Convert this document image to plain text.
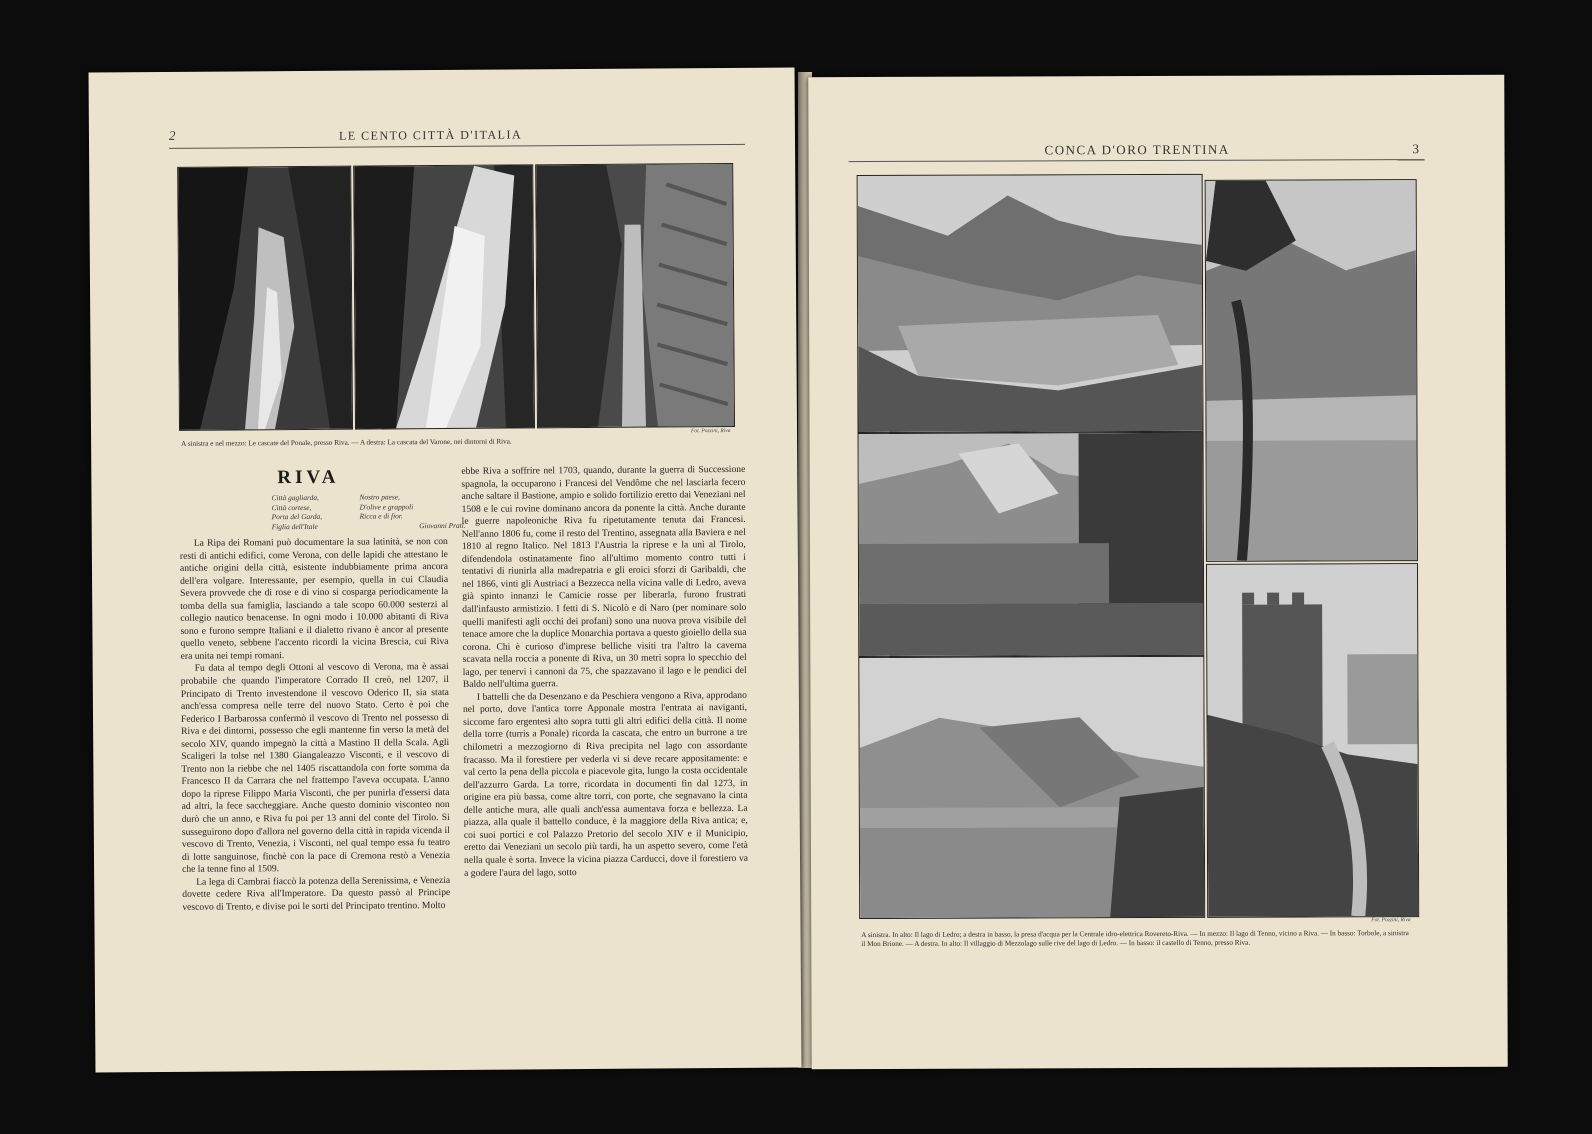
2	LE CENTO CITTÀ D'ITALIA
Fot. Pozzini, Riva
A sinistra e nel mezzo: Le cascate del Ponale, presso Riva. — A destra: La cascata del Varone, nei dintorni di Riva.
RIVA
Città gagliarda,
Città cortese,
Porta del Garda,
Figlia dell'Itale
Nostro paese,
D'olive e grappoli
Ricca e di fior.
Giovanni Prati.

La Ripa dei Romani può documentare la sua latinità, se non con resti di antichi edifici, come Verona, con delle lapidi che attestano le antiche origini della città, esistente indubbiamente prima ancora dell'era volgare. Interessante, per esempio, quella in cui Claudia Severa provvede che di rose e di vino si cosparga periodicamente la tomba della sua famiglia, lasciando a tale scopo 60.000 sesterzi al collegio nautico benacense. In ogni modo i 10.000 abitanti di Riva sono e furono sempre Italiani e il dialetto rivano è ancor al presente quello veneto, sebbene l'accento ricordi la vicina Brescia, cui Riva era unita nei tempi romani.

Fu data al tempo degli Ottoni al vescovo di Verona, ma è assai probabile che quando l'imperatore Corrado II creò, nel 1207, il Principato di Trento investendone il vescovo Oderico II, sia stata anch'essa compresa nelle terre del nuovo Stato. Certo è poi che Federico I Barbarossa confermò il vescovo di Trento nel possesso di Riva e dei dintorni, possesso che egli mantenne fin verso la metà del secolo XIV, quando impegnò la città a Mastino II della Scala. Agli Scaligeri la tolse nel 1380 Giangaleazzo Visconti, e il vescovo di Trento non la riebbe che nel 1405 riscattandola con forte somma da Francesco II da Carrara che nel frattempo l'aveva occupata. L'anno dopo la riprese Filippo Maria Visconti, che per punirla d'essersi data ad altri, la fece saccheggiare. Anche questo dominio visconteo non durò che un anno, e Riva fu poi per 13 anni del conte del Tirolo. Si susseguirono dopo d'allora nel governo della città in rapida vicenda il vescovo di Trento, Venezia, i Visconti, nel qual tempo essa fu teatro di lotte sanguinose, finchè con la pace di Cremona restò a Venezia che la tenne fino al 1509.

La lega di Cambrai fiaccò la potenza della Serenissima, e Venezia dovette cedere Riva all'Imperatore. Da questo passò al Principe vescovo di Trento, e divise poi le sorti del Principato trentino. Molto

ebbe Riva a soffrire nel 1703, quando, durante la guerra di Successione spagnola, la occuparono i Francesi del Vendôme che nel lasciarla fecero anche saltare il Bastione, ampio e solido fortilizio eretto dai Veneziani nel 1508 e le cui rovine dominano ancora da ponente la città. Anche durante le guerre napoleoniche Riva fu ripetutamente tenuta dai Francesi. Nell'anno 1806 fu, come il resto del Trentino, assegnata alla Baviera e nel 1810 al regno Italico. Nel 1813 l'Austria la riprese e la unì al Tirolo, difendendola ostinatamente fino all'ultimo momento contro tutti i tentativi di riunirla alla madrepatria e gli eroici sforzi di Garibaldi, che nel 1866, vinti gli Austriaci a Bezzecca nella vicina valle di Ledro, aveva già spinto innanzi le Camicie rosse per liberarla, furono frustrati dall'infausto armistizio. I fetti di S. Nicolò e di Naro (per nominare solo quelli manifesti agli occhi dei profani) sono una nuova prova visibile del tenace amore che la duplice Monarchia portava a questo gioiello della sua corona. Chi è curioso d'imprese belliche visiti tra l'altro la caverna scavata nella roccia a ponente di Riva, un 30 metri sopra lo specchio del lago, per tenervi i cannoni da 75, che spazzavano il lago e le pendici del Baldo nell'ultima guerra.

I battelli che da Desenzano e da Peschiera vengono a Riva, approdano nel porto, dove l'antica torre Apponale mostra l'entrata ai naviganti, siccome faro ergentesi alto sopra tutti gli altri edifici della città. Il nome della torre (turris a Ponale) ricorda la cascata, che entro un burrone a tre chilometri a mezzogiorno di Riva precipita nel lago con assordante fracasso. Ma il forestiere per vederla vi si deve recare appositamente: e val certo la pena della piccola e piacevole gita, lungo la costa occidentale dell'azzurro Garda. La torre, ricordata in documenti fin dal 1273, in origine era più bassa, come altre torri, con porte, che segnavano la cinta delle antiche mura, alle quali anch'essa aumentava forza e bellezza. La piazza, alla quale il battello conduce, è la maggiore della Riva antica; e, coi suoi portici e col Palazzo Pretorio del secolo XIV e il Municipio, eretto dai Veneziani un secolo più tardi, ha un aspetto severo, come l'età nella quale è sorta. Invece la vicina piazza Carducci, dove il forestiero va a godere l'aura del lago, sotto

CONCA D'ORO TRENTINA	3
Fot. Pozzini, Riva
A sinistra. In alto: Il lago di Ledro; a destra in basso, la presa d'acqua per la Centrale idro-elettrica Rovereto-Riva. — In mezzo: Il lago di Tenno, vicino a Riva. — In basso: Torbole, a sinistra il Mon Brione. — A destra. In alto: Il villaggio di Mezzolago sulle rive del lago di Ledro. — In basso: il castello di Tenno, presso Riva.
